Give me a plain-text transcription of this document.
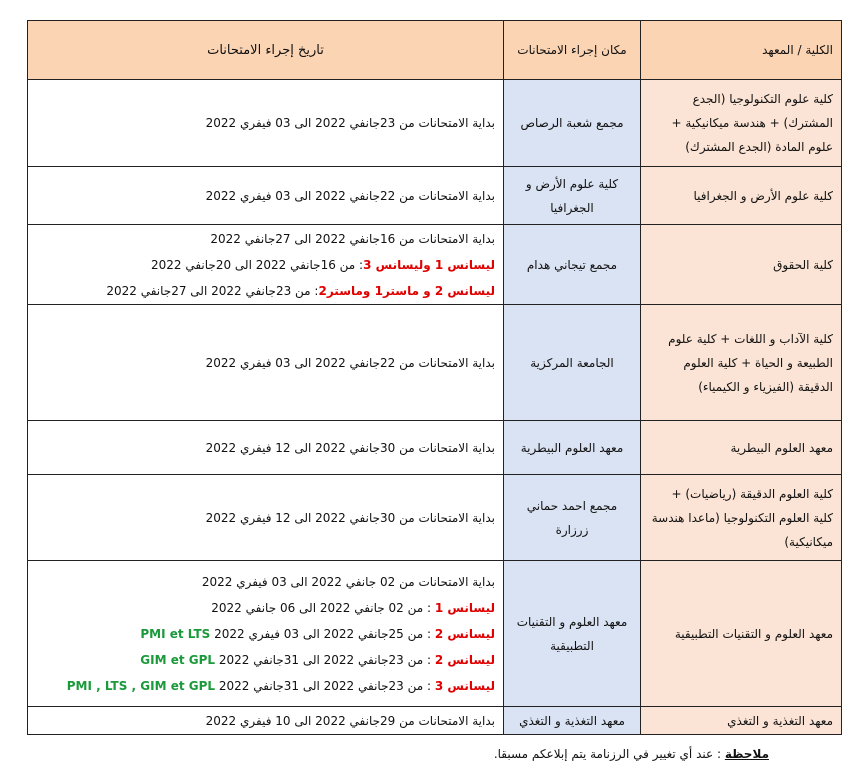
الكلية / المعهد	مكان إجراء الامتحانات	تاريخ إجراء الامتحانات
كلية علوم التكنولوجيا (الجدع المشترك) + هندسة ميكانيكية + علوم المادة (الجدع المشترك)	مجمع شعبة الرصاص	بداية الامتحانات من 23جانفي 2022 الى 03 فيفري 2022

كلية علوم الأرض و الجغرافيا	كلية علوم الأرض و الجغرافيا	بداية الامتحانات من 22جانفي 2022 الى 03 فيفري 2022

كلية الحقوق	مجمع تيجاني هدام	بداية الامتحانات من 16جانفي 2022 الى 27جانفي 2022
ليسانس 1 وليسانس 3: من 16جانفي 2022 الى 20جانفي 2022
ليسانس 2 و ماستر1 وماستر2: من 23جانفي 2022 الى 27جانفي 2022

كلية الآداب و اللغات + كلية علوم الطبيعة و الحياة + كلية العلوم الدقيقة (الفيزياء و الكيمياء)	الجامعة المركزية	بداية الامتحانات من 22جانفي 2022 الى 03 فيفري 2022

معهد العلوم البيطرية	معهد العلوم البيطرية	بداية الامتحانات من 30جانفي 2022 الى 12 فيفري 2022

كلية العلوم الدقيقة (رياضيات) + كلية العلوم التكنولوجيا (ماعدا هندسة ميكانيكية)	مجمع احمد حماني زرزارة	بداية الامتحانات من 30جانفي 2022 الى 12 فيفري 2022

معهد العلوم و التقنيات التطبيقية	معهد العلوم و التقنيات التطبيقية	بداية الامتحانات من 02 جانفي 2022 الى 03 فيفري 2022
ليسانس 1 : من 02 جانفي 2022 الى 06 جانفي 2022
ليسانس 2 : من 25جانفي 2022 الى 03 فيفري 2022 PMI et LTS
ليسانس 2 : من 23جانفي 2022 الى 31جانفي 2022 GIM et GPL
ليسانس 3 : من 23جانفي 2022 الى 31جانفي 2022 PMI , LTS , GIM et GPL

معهد التغذية و التغذي	معهد التغذية و التغذي	بداية الامتحانات من 29جانفي 2022 الى 10 فيفري 2022
ملاحظة : عند أي تغيير في الرزنامة يتم إبلاعكم مسبقا.
